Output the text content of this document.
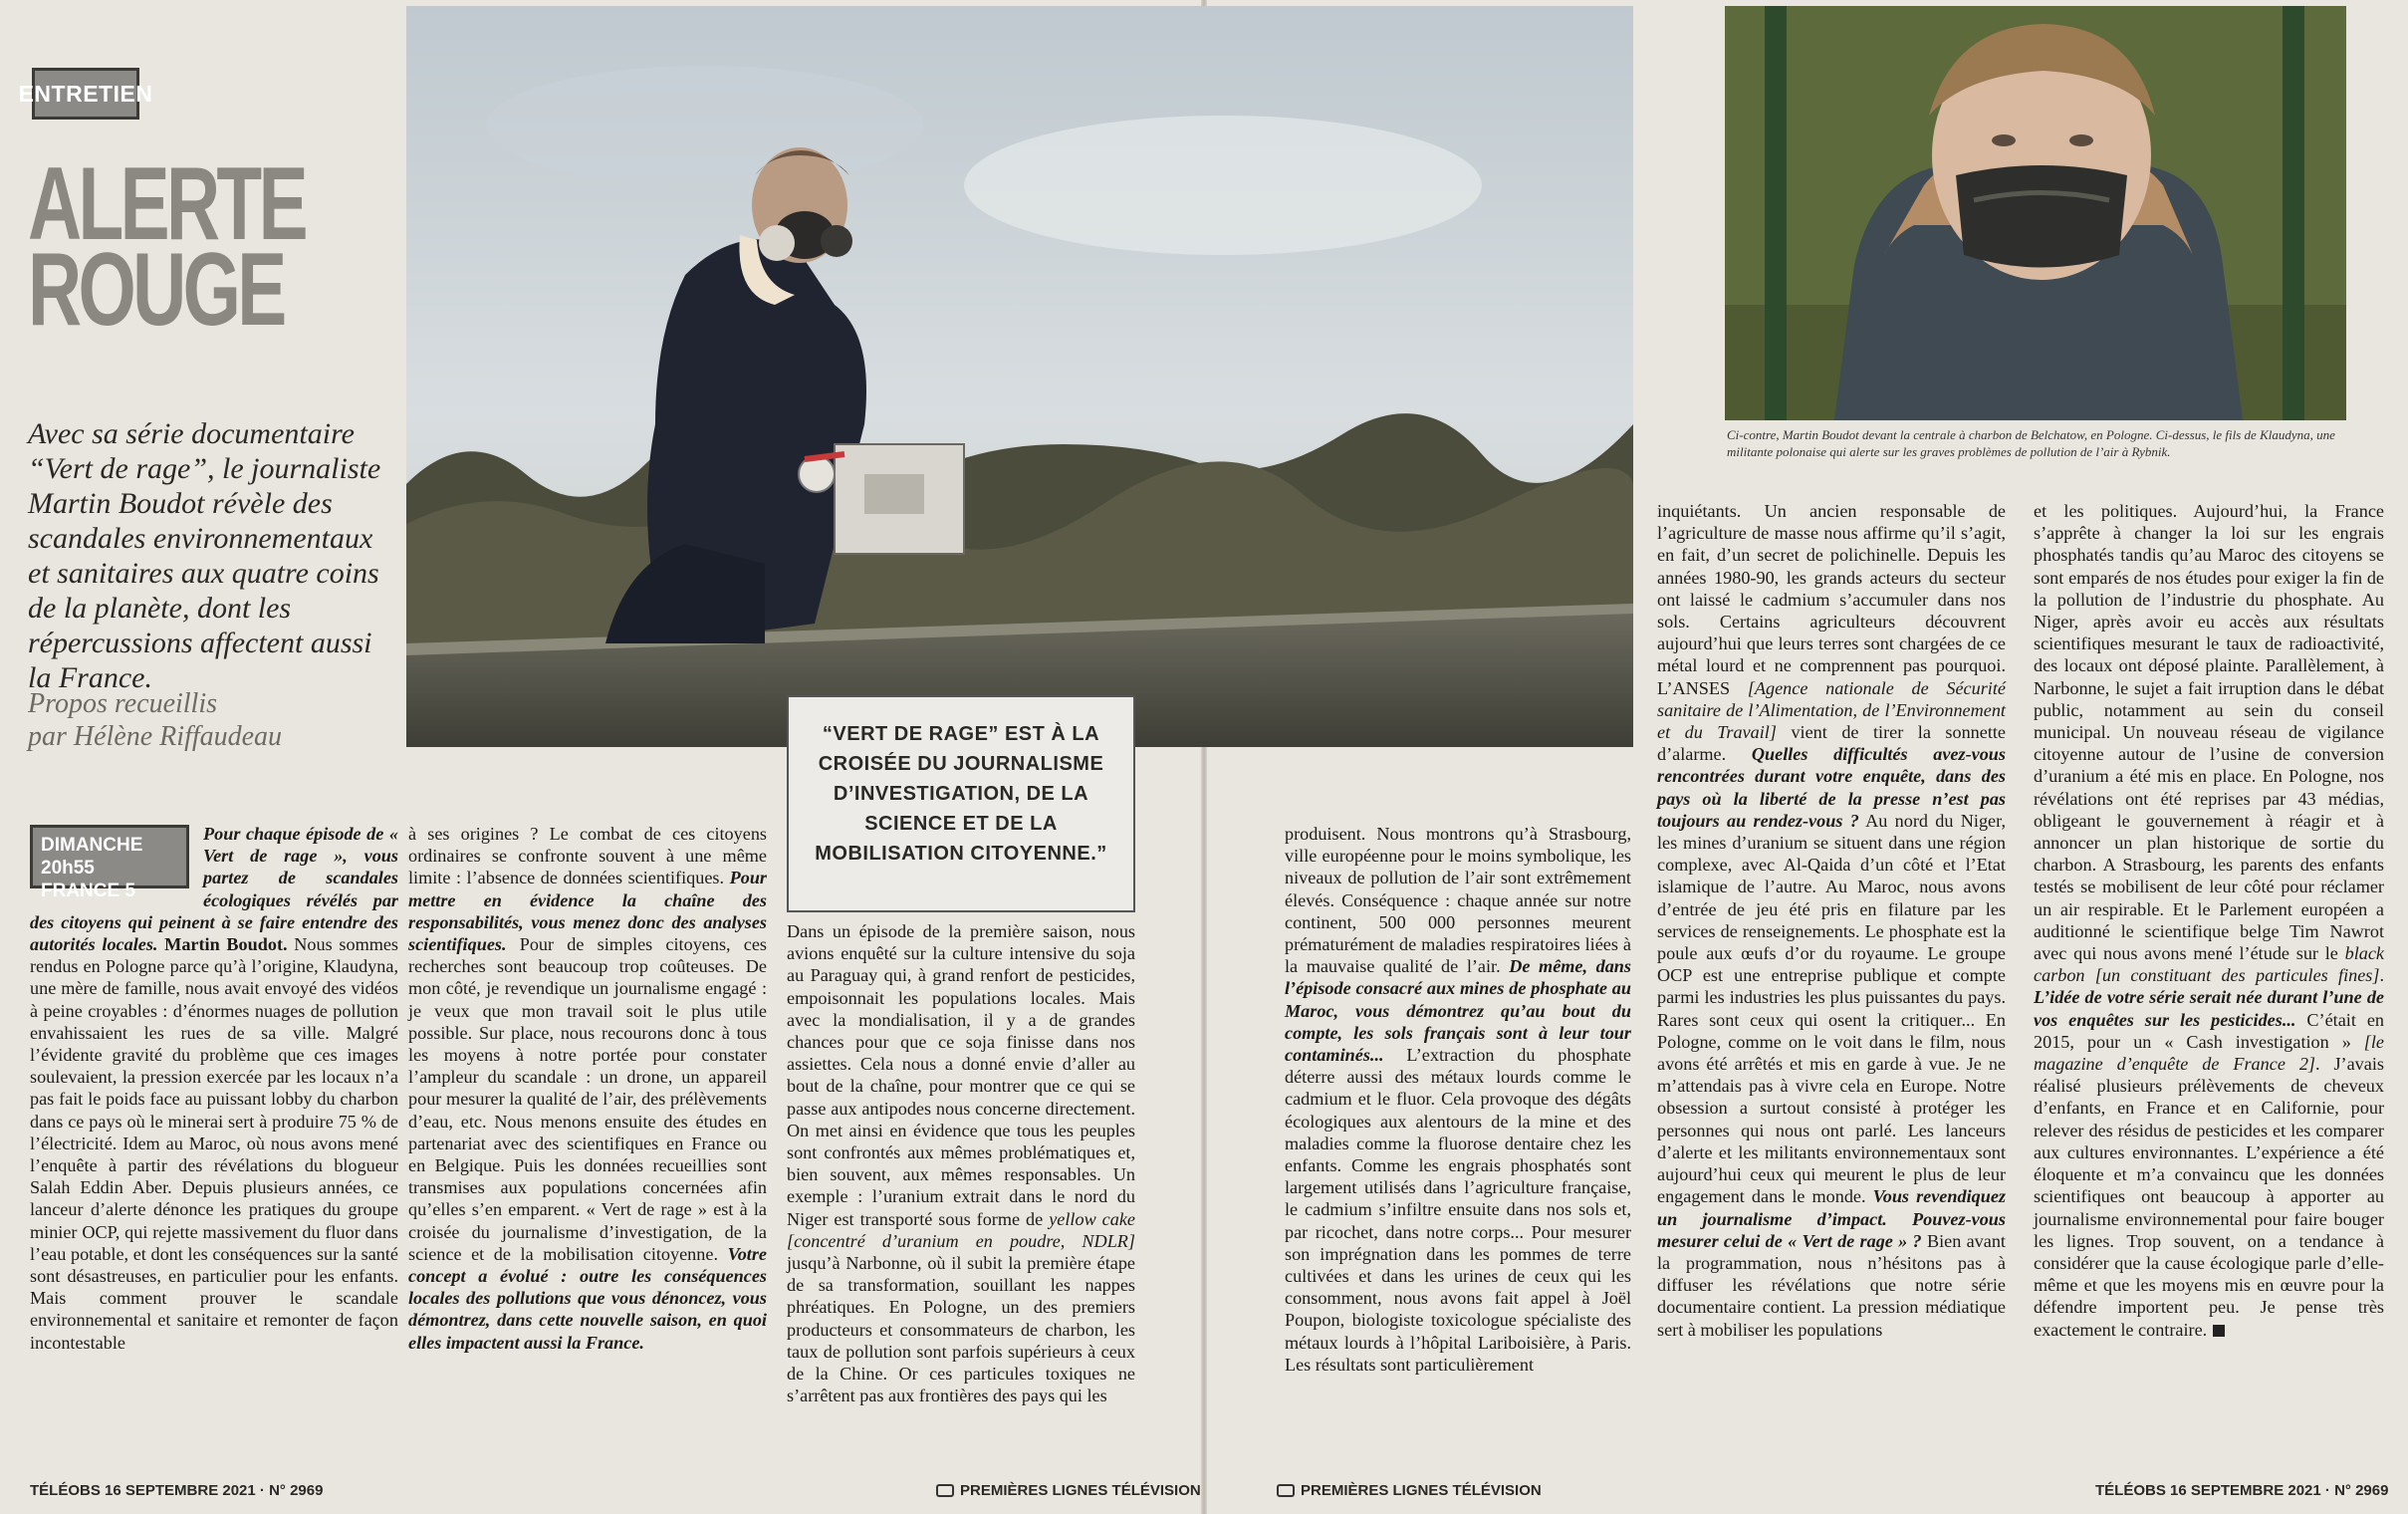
ENTRETIEN
ALERTE
ROUGE
Avec sa série documentaire “Vert de rage”, le journaliste Martin Boudot révèle des scandales environnementaux et sanitaires aux quatre coins de la planète, dont les répercussions affectent aussi la France.
Propos recueillis
par Hélène Riffaudeau
Ci-contre, Martin Boudot devant la centrale à charbon de Belchatow, en Pologne. Ci-dessus, le fils de Klaudyna, une militante polonaise qui alerte sur les graves problèmes de pollution de l’air à Rybnik.
“VERT DE RAGE” EST À LA CROISÉE DU JOURNALISME D’INVESTIGATION, DE LA SCIENCE ET DE LA MOBILISATION CITOYENNE.”
DIMANCHE 20h55
FRANCE 5

Pour chaque épisode de « Vert de rage », vous partez de scandales écologiques révélés par des citoyens qui peinent à se faire entendre des autorités locales. Martin Boudot. Nous sommes rendus en Pologne parce qu’à l’origine, Klaudyna, une mère de famille, nous avait envoyé des vidéos à peine croyables : d’énormes nuages de pollution envahissaient les rues de sa ville. Malgré l’évidente gravité du problème que ces images soulevaient, la pression exercée par les locaux n’a pas fait le poids face au puissant lobby du charbon dans ce pays où le minerai sert à produire 75 % de l’électricité. Idem au Maroc, où nous avons mené l’enquête à partir des révélations du blogueur Salah Eddin Aber. Depuis plusieurs années, ce lanceur d’alerte dénonce les pratiques du groupe minier OCP, qui rejette massivement du fluor dans l’eau potable, et dont les conséquences sur la santé sont désastreuses, en particulier pour les enfants. Mais comment prouver le scandale environnemental et sanitaire et remonter de façon incontestable

à ses origines ? Le combat de ces citoyens ordinaires se confronte souvent à une même limite : l’absence de données scientifiques. Pour mettre en évidence la chaîne des responsabilités, vous menez donc des analyses scientifiques. Pour de simples citoyens, ces recherches sont beaucoup trop coûteuses. De mon côté, je revendique un journalisme engagé : je veux que mon travail soit le plus utile possible. Sur place, nous recourons donc à tous les moyens à notre portée pour constater l’ampleur du scandale : un drone, un appareil pour mesurer la qualité de l’air, des prélèvements d’eau, etc. Nous menons ensuite des études en partenariat avec des scientifiques en France ou en Belgique. Puis les données recueillies sont transmises aux populations concernées afin qu’elles s’en emparent. « Vert de rage » est à la croisée du journalisme d’investigation, de la science et de la mobilisation citoyenne. Votre concept a évolué : outre les conséquences locales des pollutions que vous dénoncez, vous démontrez, dans cette nouvelle saison, en quoi elles impactent aussi la France.

Dans un épisode de la première saison, nous avions enquêté sur la culture intensive du soja au Paraguay qui, à grand renfort de pesticides, empoisonnait les populations locales. Mais avec la mondialisation, il y a de grandes chances pour que ce soja finisse dans nos assiettes. Cela nous a donné envie d’aller au bout de la chaîne, pour montrer que ce qui se passe aux antipodes nous concerne directement. On met ainsi en évidence que tous les peuples sont confrontés aux mêmes problématiques et, bien souvent, aux mêmes responsables. Un exemple : l’uranium extrait dans le nord du Niger est transporté sous forme de yellow cake [concentré d’uranium en poudre, NDLR] jusqu’à Narbonne, où il subit la première étape de sa transformation, souillant les nappes phréatiques. En Pologne, un des premiers producteurs et consommateurs de charbon, les taux de pollution sont parfois supérieurs à ceux de la Chine. Or ces particules toxiques ne s’arrêtent pas aux frontières des pays qui les

produisent. Nous montrons qu’à Strasbourg, ville européenne pour le moins symbolique, les niveaux de pollution de l’air sont extrêmement élevés. Conséquence : chaque année sur notre continent, 500 000 personnes meurent prématurément de maladies respiratoires liées à la mauvaise qualité de l’air. De même, dans l’épisode consacré aux mines de phosphate au Maroc, vous démontrez qu’au bout du compte, les sols français sont à leur tour contaminés... L’extraction du phosphate déterre aussi des métaux lourds comme le cadmium et le fluor. Cela provoque des dégâts écologiques aux alentours de la mine et des maladies comme la fluorose dentaire chez les enfants. Comme les engrais phosphatés sont largement utilisés dans l’agriculture française, le cadmium s’infiltre ensuite dans nos sols et, par ricochet, dans notre corps... Pour mesurer son imprégnation dans les pommes de terre cultivées et dans les urines de ceux qui les consomment, nous avons fait appel à Joël Poupon, biologiste toxicologue spécialiste des métaux lourds à l’hôpital Lariboisière, à Paris. Les résultats sont particulièrement

inquiétants. Un ancien responsable de l’agriculture de masse nous affirme qu’il s’agit, en fait, d’un secret de polichinelle. Depuis les années 1980-90, les grands acteurs du secteur ont laissé le cadmium s’accumuler dans nos sols. Certains agriculteurs découvrent aujourd’hui que leurs terres sont chargées de ce métal lourd et ne comprennent pas pourquoi. L’ANSES [Agence nationale de Sécurité sanitaire de l’Alimentation, de l’Environnement et du Travail] vient de tirer la sonnette d’alarme. Quelles difficultés avez-vous rencontrées durant votre enquête, dans des pays où la liberté de la presse n’est pas toujours au rendez-vous ? Au nord du Niger, les mines d’uranium se situent dans une région complexe, avec Al-Qaida d’un côté et l’Etat islamique de l’autre. Au Maroc, nous avons d’entrée de jeu été pris en filature par les services de renseignements. Le phosphate est la poule aux œufs d’or du royaume. Le groupe OCP est une entreprise publique et compte parmi les industries les plus puissantes du pays. Rares sont ceux qui osent la critiquer... En Pologne, comme on le voit dans le film, nous avons été arrêtés et mis en garde à vue. Je ne m’attendais pas à vivre cela en Europe. Notre obsession a surtout consisté à protéger les personnes qui nous ont parlé. Les lanceurs d’alerte et les militants environnementaux sont aujourd’hui ceux qui meurent le plus de leur engagement dans le monde. Vous revendiquez un journalisme d’impact. Pouvez-vous mesurer celui de « Vert de rage » ? Bien avant la programmation, nous n’hésitons pas à diffuser les révélations que notre série documentaire contient. La pression médiatique sert à mobiliser les populations

et les politiques. Aujourd’hui, la France s’apprête à changer la loi sur les engrais phosphatés tandis qu’au Maroc des citoyens se sont emparés de nos études pour exiger la fin de la pollution de l’industrie du phosphate. Au Niger, après avoir eu accès aux résultats scientifiques mesurant le taux de radioactivité, des locaux ont déposé plainte. Parallèlement, à Narbonne, le sujet a fait irruption dans le débat public, notamment au sein du conseil municipal. Un nouveau réseau de vigilance citoyenne autour de l’usine de conversion d’uranium a été mis en place. En Pologne, nos révélations ont été reprises par 43 médias, obligeant le gouvernement à réagir et à annoncer un plan historique de sortie du charbon. A Strasbourg, les parents des enfants testés se mobilisent de leur côté pour réclamer un air respirable. Et le Parlement européen a auditionné le scientifique belge Tim Nawrot avec qui nous avons mené l’étude sur le black carbon [un constituant des particules fines]. L’idée de votre série serait née durant l’une de vos enquêtes sur les pesticides... C’était en 2015, pour un « Cash investigation » [le magazine d’enquête de France 2]. J’avais réalisé plusieurs prélèvements de cheveux d’enfants, en France et en Californie, pour relever des résidus de pesticides et les comparer aux cultures environnantes. L’expérience a été éloquente et m’a convaincu que les données scientifiques ont beaucoup à apporter au journalisme environnemental pour faire bouger les lignes. Trop souvent, on a tendance à considérer que la cause écologique parle d’elle-même et que les moyens mis en œuvre pour la défendre importent peu. Je pense très exactement le contraire.

TÉLÉOBS 16 SEPTEMBRE 2021 · N° 2969	PREMIÈRES LIGNES TÉLÉVISION	PREMIÈRES LIGNES TÉLÉVISION	TÉLÉOBS 16 SEPTEMBRE 2021 · N° 2969
